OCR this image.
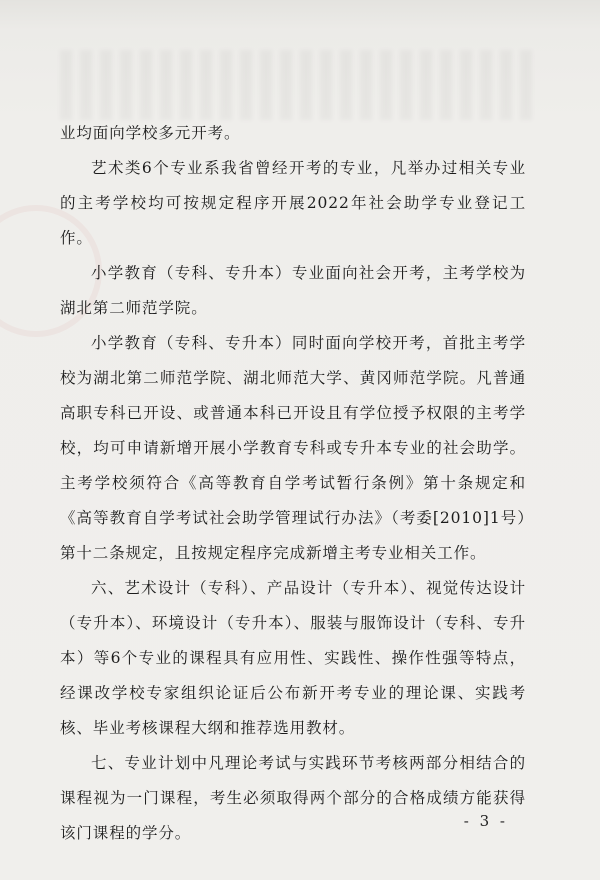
业均面向学校多元开考。

艺术类6个专业系我省曾经开考的专业，凡举办过相关专业的主考学校均可按规定程序开展2022年社会助学专业登记工作。

小学教育（专科、专升本）专业面向社会开考，主考学校为湖北第二师范学院。

小学教育（专科、专升本）同时面向学校开考，首批主考学校为湖北第二师范学院、湖北师范大学、黄冈师范学院。凡普通高职专科已开设、或普通本科已开设且有学位授予权限的主考学校，均可申请新增开展小学教育专科或专升本专业的社会助学。主考学校须符合《高等教育自学考试暂行条例》第十条规定和《高等教育自学考试社会助学管理试行办法》（考委[2010]1号）第十二条规定，且按规定程序完成新增主考专业相关工作。

六、艺术设计（专科）、产品设计（专升本）、视觉传达设计（专升本）、环境设计（专升本）、服装与服饰设计（专科、专升本）等6个专业的课程具有应用性、实践性、操作性强等特点，经课改学校专家组织论证后公布新开考专业的理论课、实践考核、毕业考核课程大纲和推荐选用教材。

七、专业计划中凡理论考试与实践环节考核两部分相结合的课程视为一门课程，考生必须取得两个部分的合格成绩方能获得该门课程的学分。

- 3 -
